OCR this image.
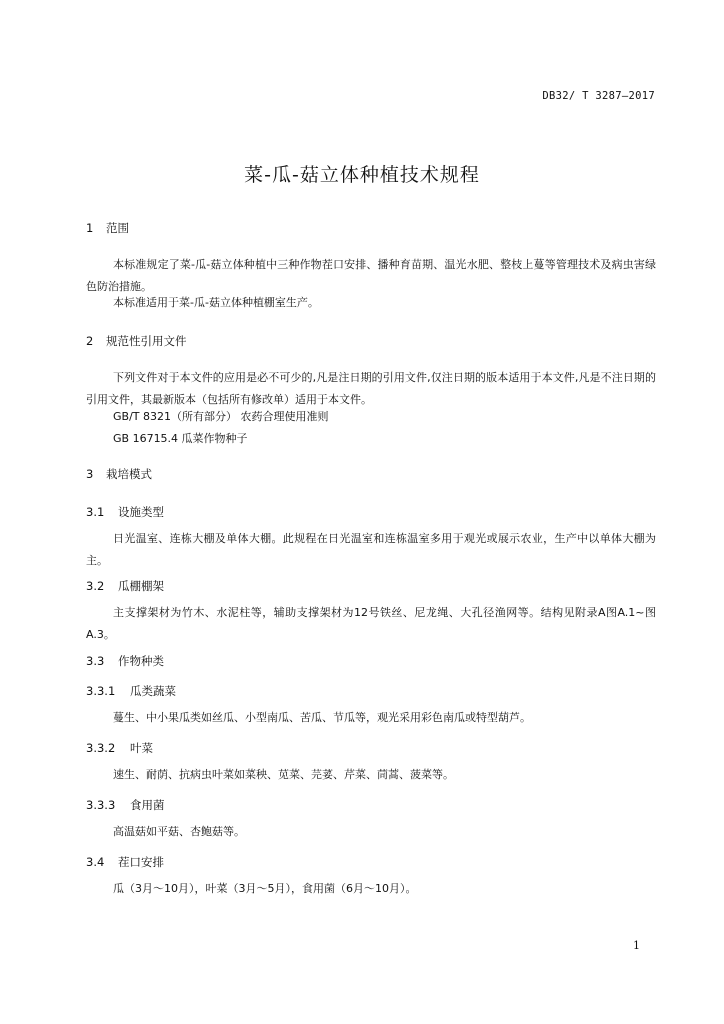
DB32/ T 3287—2017
菜-瓜-菇立体种植技术规程
1 范围
本标准规定了菜-瓜-菇立体种植中三种作物茬口安排、播种育苗期、温光水肥、整枝上蔓等管理技术及病虫害绿色防治措施。
本标准适用于菜-瓜-菇立体种植棚室生产。
2 规范性引用文件
下列文件对于本文件的应用是必不可少的,凡是注日期的引用文件,仅注日期的版本适用于本文件,凡是不注日期的引用文件，其最新版本（包括所有修改单）适用于本文件。
GB/T 8321（所有部分） 农药合理使用准则
GB 16715.4 瓜菜作物种子
3 栽培模式
3.1 设施类型
日光温室、连栋大棚及单体大棚。此规程在日光温室和连栋温室多用于观光或展示农业，生产中以单体大棚为主。
3.2 瓜棚棚架
主支撑架材为竹木、水泥柱等，辅助支撑架材为12号铁丝、尼龙绳、大孔径渔网等。结构见附录A图A.1~图A.3。
3.3 作物种类
3.3.1 瓜类蔬菜
蔓生、中小果瓜类如丝瓜、小型南瓜、苦瓜、节瓜等，观光采用彩色南瓜或特型葫芦。
3.3.2 叶菜
速生、耐荫、抗病虫叶菜如菜秧、苋菜、芫荽、芹菜、茼蒿、菠菜等。
3.3.3 食用菌
高温菇如平菇、杏鲍菇等。
3.4 茬口安排
瓜（3月～10月），叶菜（3月～5月），食用菌（6月～10月）。
1
